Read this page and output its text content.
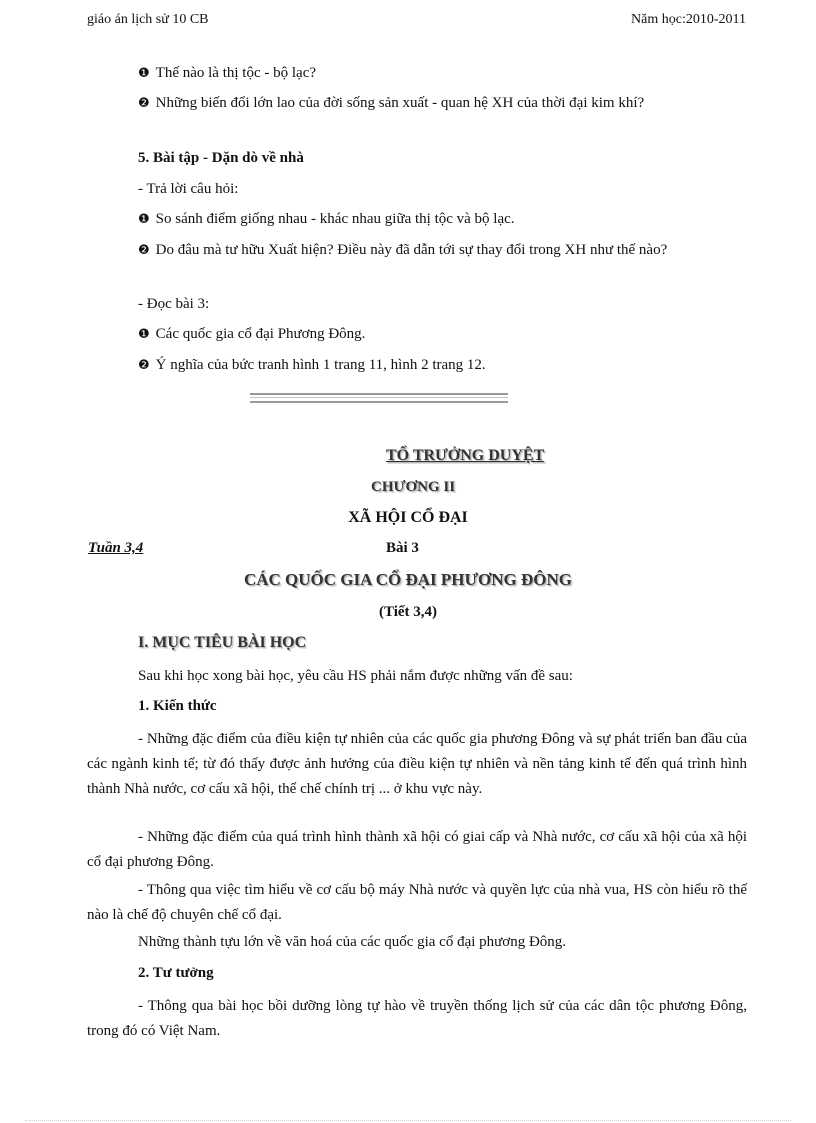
giáo án lịch sử 10 CB	Năm học:2010-2011
❶ Thế nào là thị tộc - bộ lạc?
❷ Những biến đổi lớn lao của đời sống sản xuất - quan hệ XH của thời đại kim khí?
5. Bài tập - Dặn dò về nhà
- Trả lời câu hỏi:
❶ So sánh điểm giống nhau - khác nhau giữa thị tộc và bộ lạc.
❷ Do đâu mà tư hữu Xuất hiện? Điều này đã dẫn tới sự thay đổi trong XH như thế nào?
- Đọc bài 3:
❶ Các quốc gia cổ đại Phương Đông.
❷ Ý nghĩa của bức tranh hình 1 trang 11, hình 2 trang 12.
TỔ TRƯỞNG DUYỆT
CHƯƠNG II
XÃ HỘI CỔ ĐẠI
Tuần 3,4	Bài 3
CÁC QUỐC GIA CỔ ĐẠI PHƯƠNG ĐÔNG
(Tiết 3,4)
I. MỤC TIÊU BÀI HỌC
Sau khi học xong bài học, yêu cầu HS phải nắm được những vấn đề sau:
1. Kiến thức
- Những đặc điểm của điều kiện tự nhiên của các quốc gia phương Đông và sự phát triển ban đầu của các ngành kinh tế; từ đó thấy được ảnh hưởng của điều kiện tự nhiên và nền tảng kinh tế đến quá trình hình thành Nhà nước, cơ cấu xã hội, thể chế chính trị ... ở khu vực này.
- Những đặc điểm của quá trình hình thành xã hội có giai cấp và Nhà nước, cơ cấu xã hội của xã hội cổ đại phương Đông.
- Thông qua việc tìm hiểu về cơ cấu bộ máy Nhà nước và quyền lực của nhà vua, HS còn hiểu rõ thế nào là chế độ chuyên chế cổ đại.
Những thành tựu lớn về văn hoá của các quốc gia cổ đại phương Đông.
2. Tư tưởng
- Thông qua bài học bồi dưỡng lòng tự hào về truyền thống lịch sử của các dân tộc phương Đông, trong đó có Việt Nam.
